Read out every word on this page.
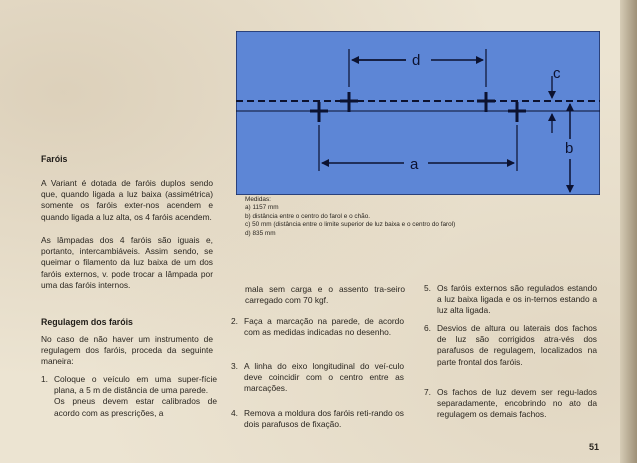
d
a
c
b
Medidas:
a) 1157 mm
b) distância entre o centro do farol e o chão.
c) 50 mm (distância entre o limite superior de luz baixa e o centro do farol)
d) 835 mm
Faróis
A Variant é dotada de faróis duplos sendo que, quando ligada a luz baixa (assimétrica) somente os faróis exter-nos acendem e quando ligada a luz alta, os 4 faróis acendem.
As lâmpadas dos 4 faróis são iguais e, portanto, intercambiáveis. Assim sendo, se queimar o filamento da luz baixa de um dos faróis externos, v. pode trocar a lâmpada por uma das faróis internos.
Regulagem dos faróis
No caso de não haver um instrumento de regulagem dos faróis, proceda da seguinte maneira:
1. Coloque o veículo em uma super-fície plana, a 5 m de distância de uma parede.
Os pneus devem estar calibrados de acordo com as prescrições, a
mala sem carga e o assento tra-seiro carregado com 70 kgf.
2. Faça a marcação na parede, de acordo com as medidas indicadas no desenho.
3. A linha do eixo longitudinal do veí-culo deve coincidir com o centro entre as marcações.
4. Remova a moldura dos faróis reti-rando os dois parafusos de fixação.
5. Os faróis externos são regulados estando a luz baixa ligada e os in-ternos estando a luz alta ligada.
6. Desvios de altura ou laterais dos fachos de luz são corrigidos atra-vés dos parafusos de regulagem, localizados na parte frontal dos faróis.
7. Os fachos de luz devem ser regu-lados separadamente, encobrindo no ato da regulagem os demais fachos.
51
